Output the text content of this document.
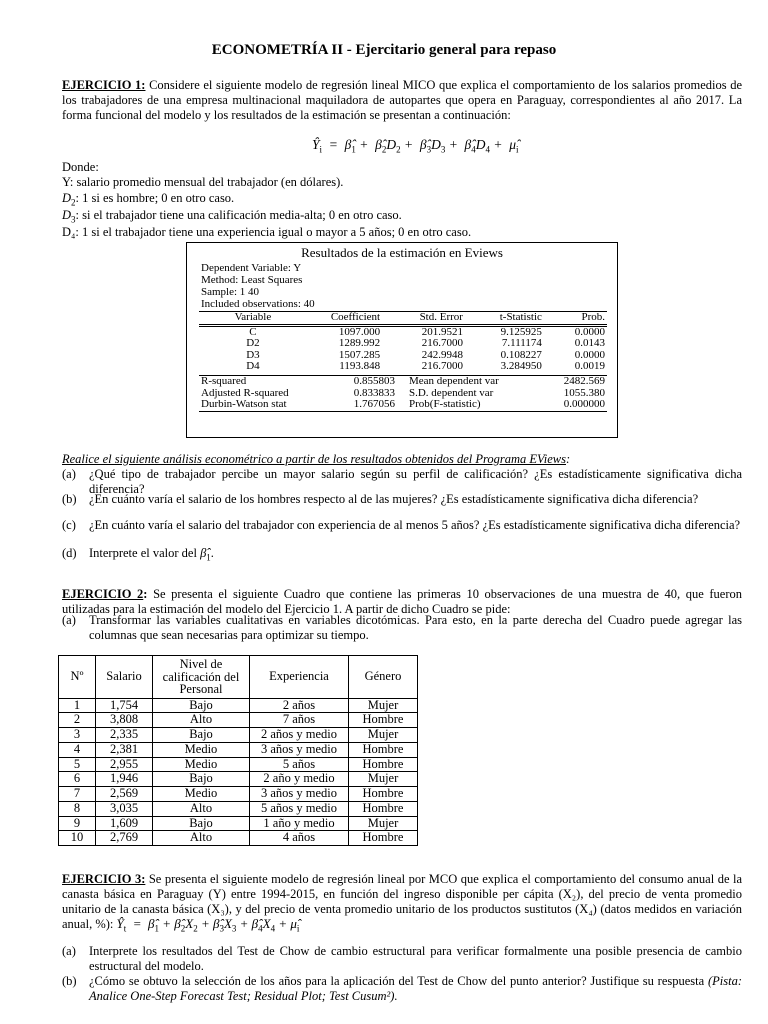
ECONOMETRÍA II - Ejercitario general para repaso

EJERCICIO 1: Considere el siguiente modelo de regresión lineal MICO que explica el comportamiento de los salarios promedios de los trabajadores de una empresa multinacional maquiladora de autopartes que opera en Paraguay, correspondientes al año 2017. La forma funcional del modelo y los resultados de la estimación se presentan a continuación:

$Ŷ_i$  =  $\betâ_1$ +  $\betâ_2D_2$ +  $\betâ_3D_3$ +  $\betâ_4D_4$ +  $\mû_i$
Donde:
Y: salario promedio mensual del trabajador (en dólares).
$D_2$: 1 si es hombre; 0 en otro caso.
$D_3$: si el trabajador tiene una calificación media-alta; 0 en otro caso.
D₄: 1 si el trabajador tiene una experiencia igual o mayor a 5 años; 0 en otro caso.
Resultados de la estimación en Eviews
Dependent Variable: Y
Method: Least Squares
Sample: 1 40
Included observations: 40
Variable	Coefficient	Std. Error	t-Statistic	Prob.
C	1097.000	201.9521	9.125925	0.0000
D2	1289.992	216.7000	7.111174	0.0143
D3	1507.285	242.9948	0.108227	0.0000
D4	1193.848	216.7000	3.284950	0.0019
R-squared	0.855803	Mean dependent var	2482.569
Adjusted R-squared	0.833833	S.D. dependent var	1055.380
Durbin-Watson stat	1.767056	Prob(F-statistic)	0.000000

Realice el siguiente análisis econométrico a partir de los resultados obtenidos del Programa EViews:

(a) ¿Qué tipo de trabajador percibe un mayor salario según su perfil de calificación? ¿Es estadísticamente significativa dicha diferencia?
(b) ¿En cuánto varía el salario de los hombres respecto al de las mujeres? ¿Es estadísticamente significativa dicha diferencia?
(c) ¿En cuánto varía el salario del trabajador con experiencia de al menos 5 años? ¿Es estadísticamente significativa dicha diferencia?
(d) Interprete el valor del $\betâ_1$.

EJERCICIO 2: Se presenta el siguiente Cuadro que contiene las primeras 10 observaciones de una muestra de 40, que fueron utilizadas para la estimación del modelo del Ejercicio 1. A partir de dicho Cuadro se pide:

(a) Transformar las variables cualitativas en variables dicotómicas. Para esto, en la parte derecha del Cuadro puede agregar las columnas que sean necesarias para optimizar su tiempo.
Nº	Salario	Nivel de calificación del Personal	Experiencia	Género
1	1,754	Bajo	2 años	Mujer
2	3,808	Alto	7 años	Hombre
3	2,335	Bajo	2 años y medio	Mujer
4	2,381	Medio	3 años y medio	Hombre
5	2,955	Medio	5 años	Hombre
6	1,946	Bajo	2 año y medio	Mujer
7	2,569	Medio	3 años y medio	Hombre
8	3,035	Alto	5 años y medio	Hombre
9	1,609	Bajo	1 año y medio	Mujer
10	2,769	Alto	4 años	Hombre

EJERCICIO 3: Se presenta el siguiente modelo de regresión lineal por MCO que explica el comportamiento del consumo anual de la canasta básica en Paraguay (Y) entre 1994-2015, en función del ingreso disponible per cápita (X₂), del precio de venta promedio unitario de la canasta básica (X₃), y del precio de venta promedio unitario de los productos sustitutos (X₄) (datos medidos en variación anual, %): $Ŷ_t$  =  $\betâ_1$ + $\betâ_2X_2$ + $\betâ_3X_3$ + $\betâ_4X_4$ + $\mû_i$

(a) Interprete los resultados del Test de Chow de cambio estructural para verificar formalmente una posible presencia de cambio estructural del modelo.
(b) ¿Cómo se obtuvo la selección de los años para la aplicación del Test de Chow del punto anterior? Justifique su respuesta (Pista: Analice One-Step Forecast Test; Residual Plot; Test Cusum²).
